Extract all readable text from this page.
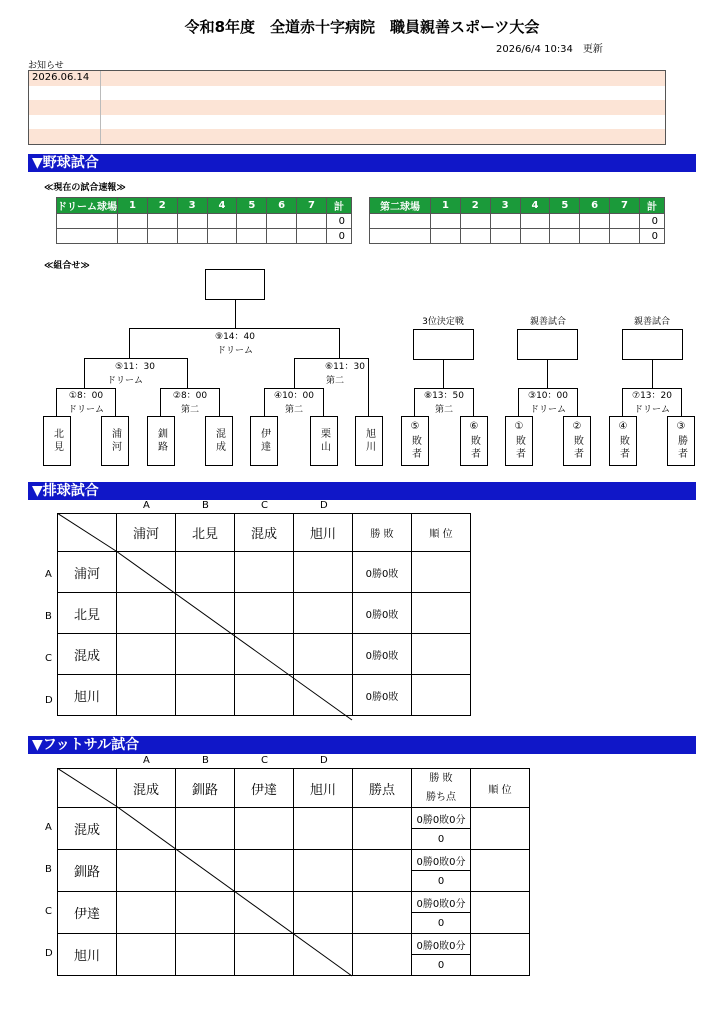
令和8年度　全道赤十字病院　職員親善スポーツ大会
2026/6/4 10:34　更新
お知らせ
2026.06.14
▼野球試合
≪現在の試合速報≫
ドリーム球場	1	2	3	4	5	6	7	計
								0
								0
第二球場	1	2	3	4	5	6	7	計
								0
								0
≪組合せ≫
⑨14：40
ドリーム
⑤11：30
ドリーム
⑥11：30
第二
①8：00
ドリーム
②8：00
第二
④10：00
第二
北見	浦河	釧路	混成	伊達	栗山	旭川
3位決定戦
⑧13：50
第二
⑤敗者	⑥敗者
親善試合
③10：00
ドリーム
①敗者	②敗者
親善試合
⑦13：20
ドリーム
④敗者	③勝者
▼排球試合
A	B	C	D
A
B
C
D
	浦河	北見	混成	旭川	勝 敗	順 位
浦河					0勝0敗	
北見					0勝0敗	
混成					0勝0敗	
旭川					0勝0敗	
▼フットサル試合
A	B	C	D
A
B
C
D
	混成	釧路	伊達	旭川	勝点	勝 敗
勝ち点	順 位
混成						0勝0敗0分	
						0	
釧路						0勝0敗0分	
						0	
伊達						0勝0敗0分	
						0	
旭川						0勝0敗0分	
						0	
